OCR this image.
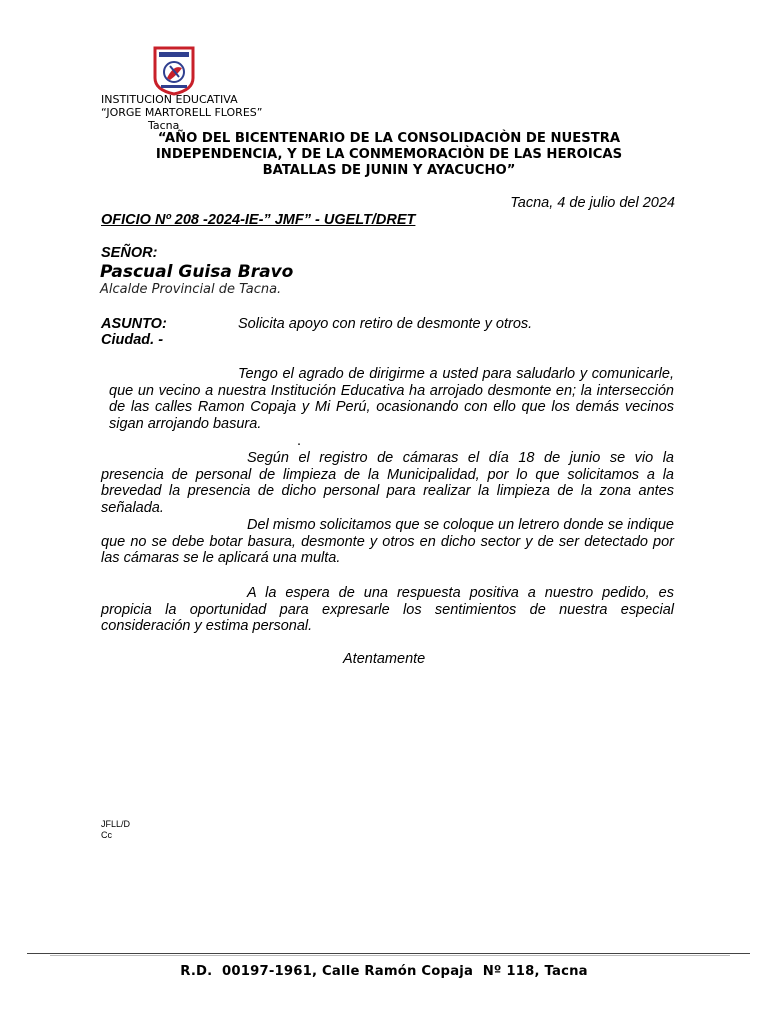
INSTITUCION EDUCATIVA
“JORGE MARTORELL FLORES”
Tacna
“AÑO DEL BICENTENARIO DE LA CONSOLIDACIÒN DE NUESTRA
INDEPENDENCIA, Y DE LA CONMEMORACIÒN DE LAS HEROICAS
BATALLAS DE JUNIN Y AYACUCHO”
Tacna, 4 de julio del 2024
OFICIO Nº 208 -2024-IE-” JMF” - UGELT/DRET
SEÑOR:
Pascual Guisa Bravo
Alcalde Provincial de Tacna.
ASUNTO:	Solicita apoyo con retiro de desmonte y otros.
Ciudad. -

Tengo el agrado de dirigirme a usted para saludarlo y comunicarle, que un vecino a nuestra Institución Educativa ha arrojado desmonte en; la intersección de las calles Ramon Copaja y Mi Perú, ocasionando con ello que los demás vecinos sigan arrojando basura.

.

Según el registro de cámaras el día 18 de junio se vio la presencia de personal de limpieza de la Municipalidad, por lo que solicitamos a la brevedad la presencia de dicho personal para realizar la limpieza de la zona antes señalada.

Del mismo solicitamos que se coloque un letrero donde se indique que no se debe botar basura, desmonte y otros en dicho sector y de ser detectado por las cámaras se le aplicará una multa.

A la espera de una respuesta positiva a nuestro pedido, es propicia la oportunidad para expresarle los sentimientos de nuestra especial consideración y estima personal.

Atentamente
JFLL/D
Cc
R.D.  00197-1961, Calle Ramón Copaja  Nº 118, Tacna
